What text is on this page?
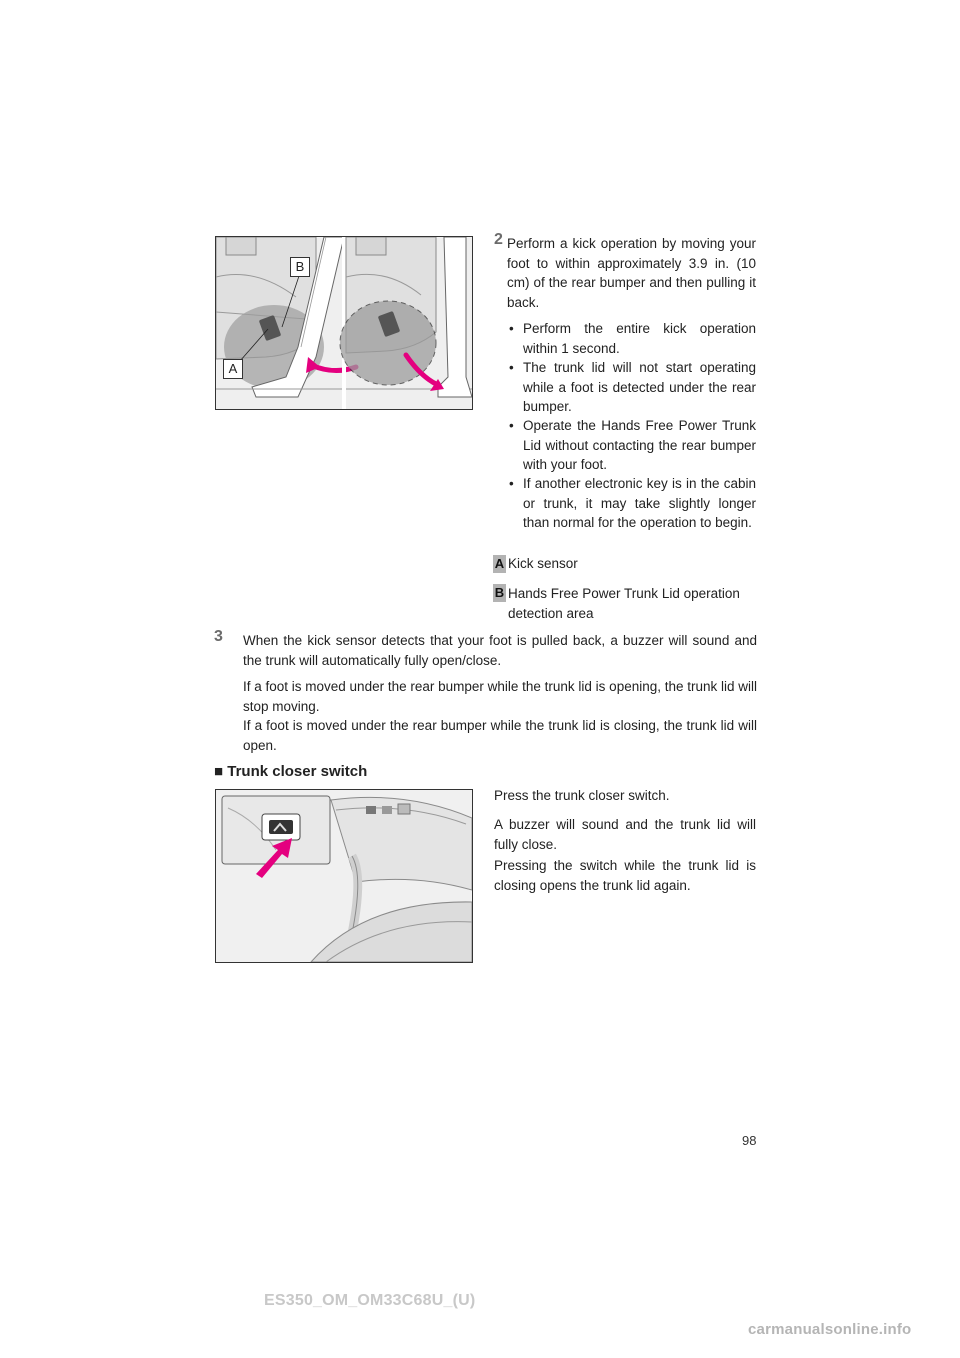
B
A
2 Perform a kick operation by moving your foot to within approximately 3.9 in. (10 cm) of the rear bumper and then pulling it back.
• Perform the entire kick operation within 1 second.
• The trunk lid will not start operating while a foot is detected under the rear bumper.
• Operate the Hands Free Power Trunk Lid without contacting the rear bumper with your foot.
• If another electronic key is in the cabin or trunk, it may take slightly longer than normal for the operation to begin.
A Kick sensor
B Hands Free Power Trunk Lid operation detection area
3 When the kick sensor detects that your foot is pulled back, a buzzer will sound and the trunk will automatically fully open/close.
If a foot is moved under the rear bumper while the trunk lid is opening, the trunk lid will stop moving.
If a foot is moved under the rear bumper while the trunk lid is closing, the trunk lid will open.
■ Trunk closer switch
Press the trunk closer switch.
A buzzer will sound and the trunk lid will fully close.
Pressing the switch while the trunk lid is closing opens the trunk lid again.
98
ES350_OM_OM33C68U_(U)
carmanualsonline.info
